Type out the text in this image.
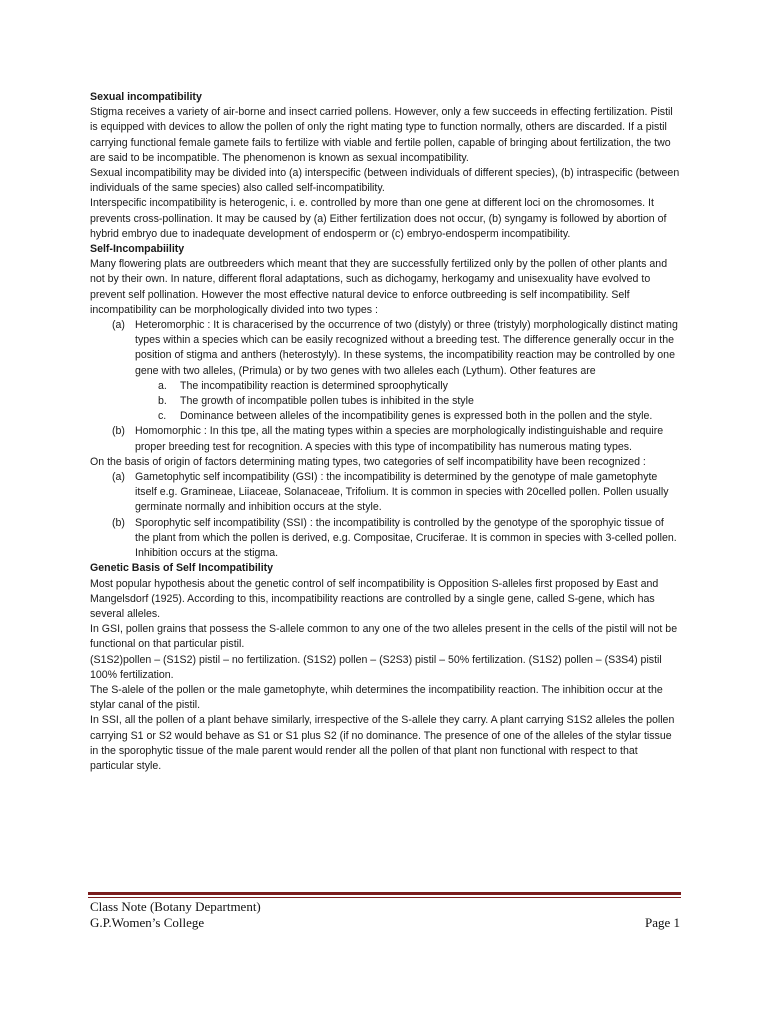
Sexual incompatibility

Stigma receives a variety of air-borne and insect carried pollens. However, only a few succeeds in effecting fertilization. Pistil is equipped with devices to allow the pollen of only the right mating type to function normally, others are discarded. If a pistil carrying functional female gamete fails to fertilize with viable and fertile pollen, capable of bringing about fertilization, the two are said to be incompatible. The phenomenon is known as sexual incompatibility.

Sexual incompatibility may be divided into (a) interspecific (between individuals of different species), (b) intraspecific (between individuals of the same species) also called self-incompatibility.

Interspecific incompatibility is heterogenic, i. e. controlled by more than one gene at different loci on the chromosomes. It prevents cross-pollination. It may be caused by (a) Either fertilization does not occur, (b) syngamy is followed by abortion of hybrid embryo due to inadequate development of endosperm or (c) embryo-endosperm incompatibility.

Self-Incompabiility

Many flowering plats are outbreeders which meant that they are successfully fertilized only by the pollen of other plants and not by their own. In nature, different floral adaptations, such as dichogamy, herkogamy and unisexuality have evolved to prevent self pollination. However the most effective natural device to enforce outbreeding is self incompatibility. Self incompatibility can be morphologically divided into two types :

(a) Heteromorphic : It is characerised by the occurrence of two (distyly) or three (tristyly) morphologically distinct mating types within a species which can be easily recognized without a breeding test. The difference generally occur in the position of stigma and anthers (heterostyly). In these systems, the incompatibility reaction may be controlled by one gene with two alleles, (Primula) or by two genes with two alleles each (Lythum). Other features are
a.	The incompatibility reaction is determined sproophytically
b.	The growth of incompatible pollen tubes is inhibited in the style
c.	Dominance between alleles of the incompatibility genes is expressed both in the pollen and the style.
(b) Homomorphic : In this tpe, all the mating types within a species are morphologically indistinguishable and require proper breeding test for recognition. A species with this type of incompatibility has numerous mating types.

On the basis of origin of factors determining mating types, two categories of self incompatibility have been recognized :

(a) Gametophytic self incompatibility (GSI) : the incompatibility is determined by the genotype of male gametophyte itself e.g. Gramineae, Liiaceae, Solanaceae, Trifolium. It is common in species with 20celled pollen. Pollen usually germinate normally and inhibition occurs at the style.
(b) Sporophytic self incompatibility (SSI) : the incompatibility is controlled by the genotype of the sporophyic tissue of the plant from which the pollen is derived, e.g. Compositae, Cruciferae. It is common in species with 3-celled pollen. Inhibition occurs at the stigma.

Genetic Basis of Self Incompatibility

Most popular hypothesis about the genetic control of self incompatibility is Opposition S-alleles first proposed by East and Mangelsdorf (1925). According to this, incompatibility reactions are controlled by a single gene, called S-gene, which has several alleles.

In GSI, pollen grains that possess the S-allele common to any one of the two alleles present in the cells of the pistil will not be functional on that particular pistil.

(S1S2)pollen – (S1S2) pistil – no fertilization. (S1S2) pollen – (S2S3) pistil – 50% fertilization. (S1S2) pollen – (S3S4) pistil 100% fertilization.

The S-alele of the pollen or the male gametophyte, whih determines the incompatibility reaction. The inhibition occur at the stylar canal of the pistil.

In SSI, all the pollen of a plant behave similarly, irrespective of the S-allele they carry. A plant carrying S1S2 alleles the pollen carrying S1 or S2 would behave as S1 or S1 plus S2 (if no dominance. The presence of one of the alleles of the stylar tissue in the sporophytic tissue of the male parent would render all the pollen of that plant non functional with respect to that particular style.

Class Note (Botany Department)
G.P.Women’s College	Page 1
